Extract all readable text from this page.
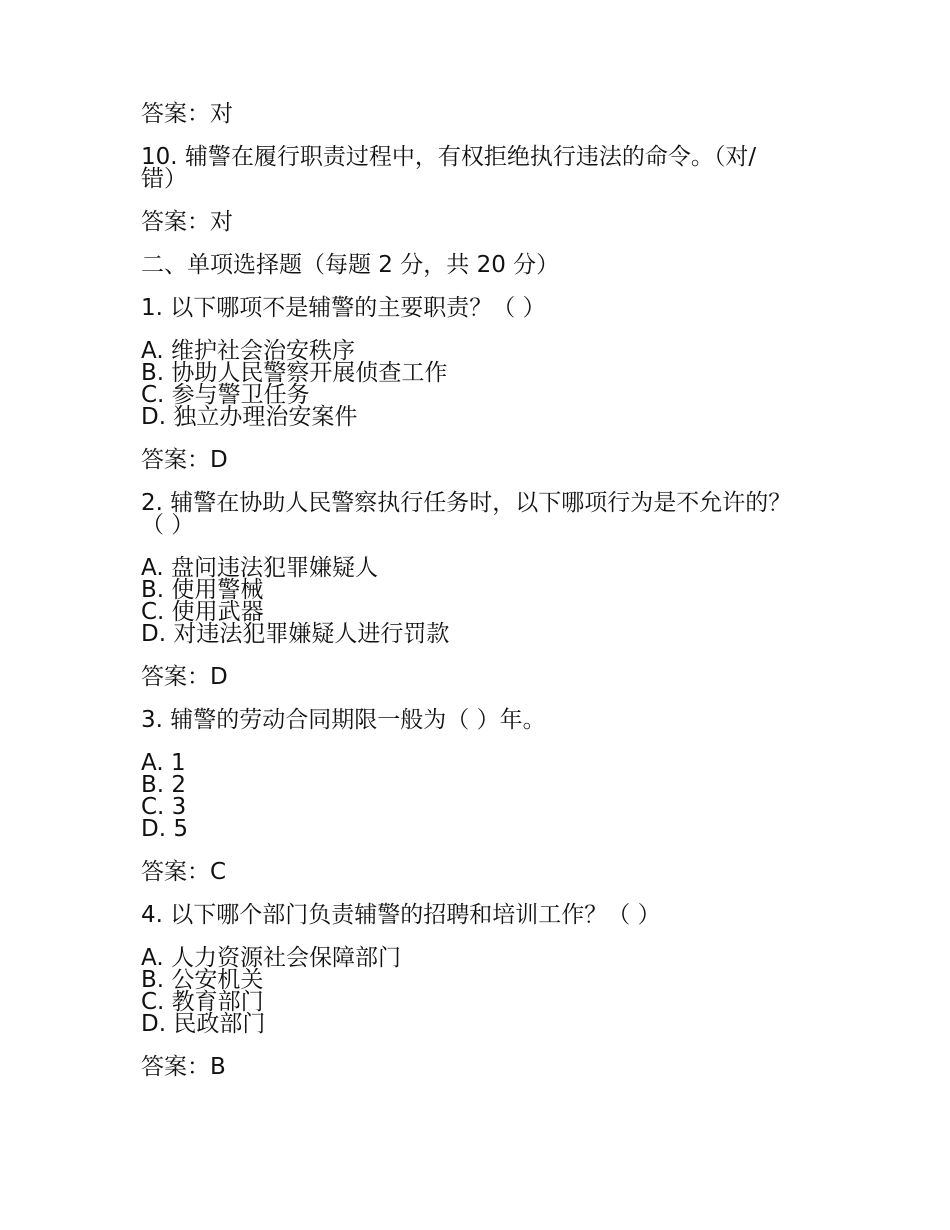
答案：对
10. 辅警在履行职责过程中，有权拒绝执行违法的命令。（对/错）
答案：对
二、单项选择题（每题 2 分，共 20 分）
1. 以下哪项不是辅警的主要职责？（ ）
A. 维护社会治安秩序
B. 协助人民警察开展侦查工作
C. 参与警卫任务
D. 独立办理治安案件
答案：D
2. 辅警在协助人民警察执行任务时，以下哪项行为是不允许的？（ ）
A. 盘问违法犯罪嫌疑人
B. 使用警械
C. 使用武器
D. 对违法犯罪嫌疑人进行罚款
答案：D
3. 辅警的劳动合同期限一般为（ ）年。
A. 1
B. 2
C. 3
D. 5
答案：C
4. 以下哪个部门负责辅警的招聘和培训工作？（ ）
A. 人力资源社会保障部门
B. 公安机关
C. 教育部门
D. 民政部门
答案：B
